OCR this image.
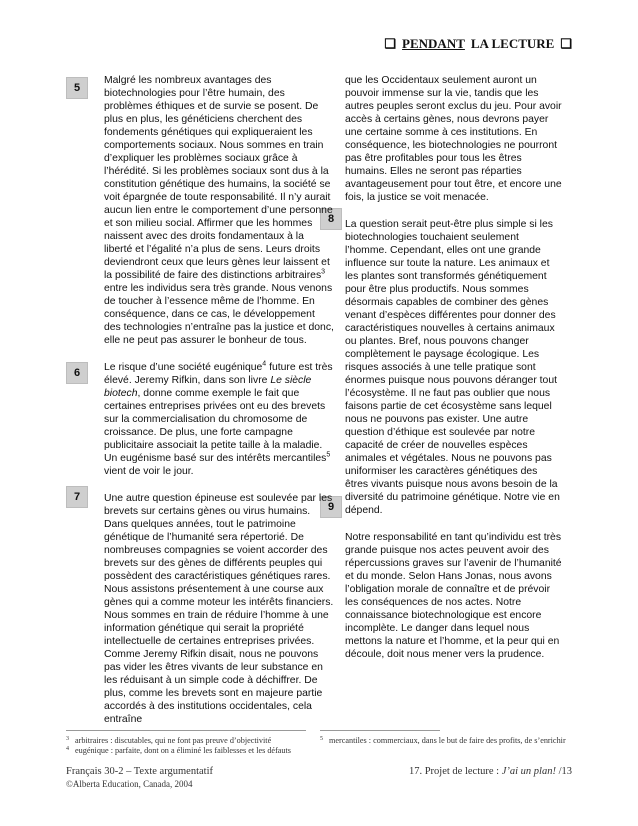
❑ PENDANT LA LECTURE ❑
5
6
7
8
9

Malgré les nombreux avantages des biotechnologies pour l’être humain, des problèmes éthiques et de survie se posent. De plus en plus, les généticiens cherchent des fondements génétiques qui expliqueraient les comportements sociaux. Nous sommes en train d’expliquer les problèmes sociaux grâce à l’hérédité. Si les problèmes sociaux sont dus à la constitution génétique des humains, la société se voit épargnée de toute responsabilité. Il n’y aurait aucun lien entre le comportement d’une personne et son milieu social. Affirmer que les hommes naissent avec des droits fondamentaux à la liberté et l’égalité n’a plus de sens. Leurs droits deviendront ceux que leurs gènes leur laissent et la possibilité de faire des distinctions arbitraires$^3$ entre les individus sera très grande. Nous venons de toucher à l’essence même de l’homme. En conséquence, dans ce cas, le développement des technologies n’entraîne pas la justice et donc, elle ne peut pas assurer le bonheur de tous.

Le risque d’une société eugénique$^4$ future est très élevé. Jeremy Rifkin, dans son livre Le siècle biotech, donne comme exemple le fait que certaines entreprises privées ont eu des brevets sur la commercialisation du chromosome de croissance. De plus, une forte campagne publicitaire associait la petite taille à la maladie. Un eugénisme basé sur des intérêts mercantiles$^5$ vient de voir le jour.

Une autre question épineuse est soulevée par les brevets sur certains gènes ou virus humains. Dans quelques années, tout le patrimoine génétique de l’humanité sera répertorié. De nombreuses compagnies se voient accorder des brevets sur des gènes de différents peuples qui possèdent des caractéristiques génétiques rares. Nous assistons présentement à une course aux gènes qui a comme moteur les intérêts financiers. Nous sommes en train de réduire l’homme à une information génétique qui serait la propriété intellectuelle de certaines entreprises privées. Comme Jeremy Rifkin disait, nous ne pouvons pas vider les êtres vivants de leur substance en les réduisant à un simple code à déchiffrer. De plus, comme les brevets sont en majeure partie accordés à des institutions occidentales, cela entraîne

que les Occidentaux seulement auront un pouvoir immense sur la vie, tandis que les autres peuples seront exclus du jeu. Pour avoir accès à certains gènes, nous devrons payer une certaine somme à ces institutions. En conséquence, les biotechnologies ne pourront pas être profitables pour tous les êtres humains. Elles ne seront pas réparties avantageusement pour tout être, et encore une fois, la justice se voit menacée.

La question serait peut-être plus simple si les biotechnologies touchaient seulement l’homme. Cependant, elles ont une grande influence sur toute la nature. Les animaux et les plantes sont transformés génétiquement pour être plus productifs. Nous sommes désormais capables de combiner des gènes venant d’espèces différentes pour donner des caractéristiques nouvelles à certains animaux ou plantes. Bref, nous pouvons changer complètement le paysage écologique. Les risques associés à une telle pratique sont énormes puisque nous pouvons déranger tout l’écosystème. Il ne faut pas oublier que nous faisons partie de cet écosystème sans lequel nous ne pouvons pas exister. Une autre question d’éthique est soulevée par notre capacité de créer de nouvelles espèces animales et végétales. Nous ne pouvons pas uniformiser les caractères génétiques des êtres vivants puisque nous avons besoin de la diversité du patrimoine génétique. Notre vie en dépend.

Notre responsabilité en tant qu’individu est très grande puisque nos actes peuvent avoir des répercussions graves sur l’avenir de l’humanité et du monde. Selon Hans Jonas, nous avons l’obligation morale de connaître et de prévoir les conséquences de nos actes. Notre connaissance biotechnologique est encore incomplète. Le danger dans lequel nous mettons la nature et l’homme, et la peur qui en découle, doit nous mener vers la prudence.

3 arbitraires : discutables, qui ne font pas preuve d’objectivité
4 eugénique : parfaite, dont on a éliminé les faiblesses et les défauts
5 mercantiles : commerciaux, dans le but de faire des profits, de s’enrichir
Français 30-2 – Texte argumentatif
©Alberta Education, Canada, 2004
17. Projet de lecture : J’ai un plan! /13
